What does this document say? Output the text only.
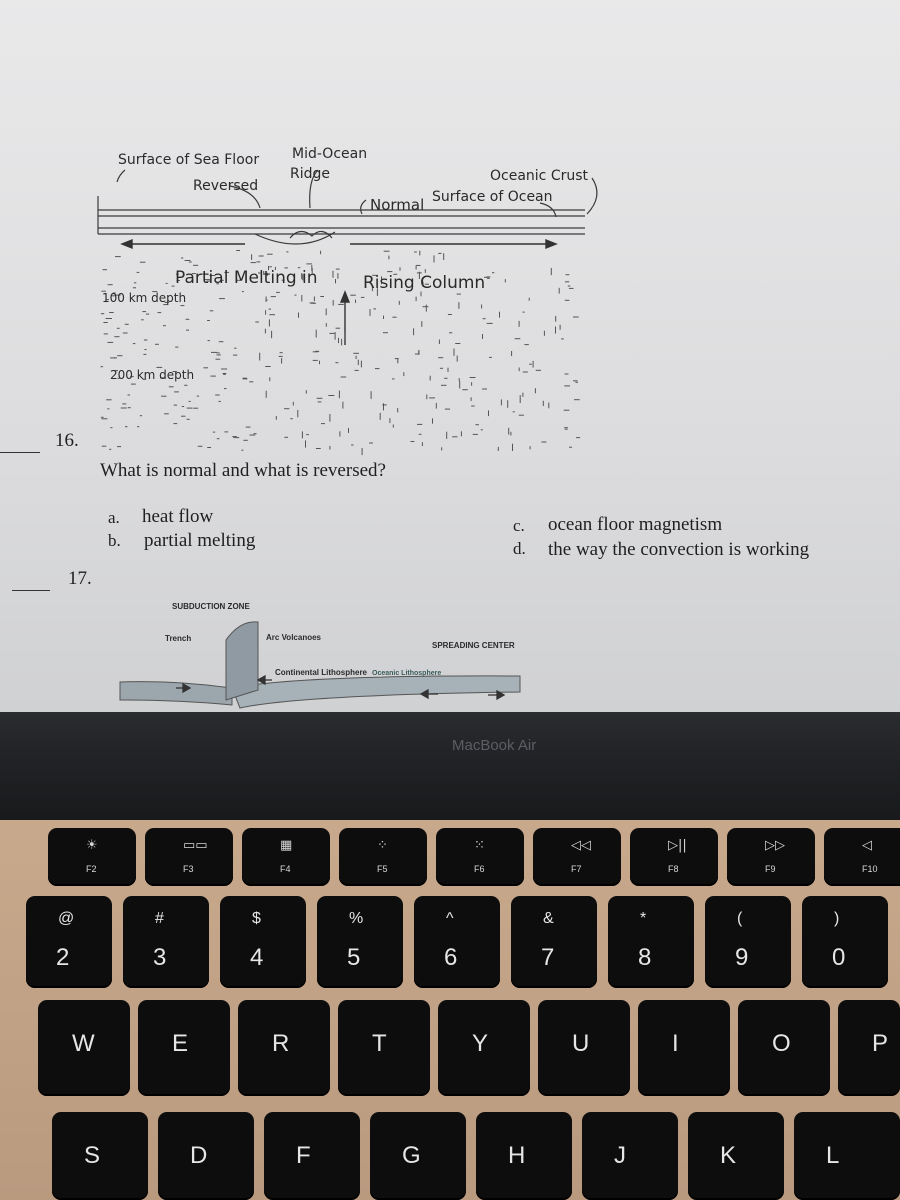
Surface of Sea Floor
Reversed
Mid-Ocean
Ridge	Oceanic Crust
Normal Surface of Ocean
Partial Melting in	Rising Column
100 km depth
200 km depth
16.
What is normal and what is reversed?
a. heat flow
b. partial melting
c. ocean floor magnetism
d. the way the convection is working
17.
SUBDUCTION ZONE
Trench	Arc Volcanoes
SPREADING CENTER
Continental Lithosphere Oceanic Lithosphere
MacBook Air
☀
F2
▭▭
F3
▦
F4
⁘
F5
⁙
F6
◁◁
F7
▷||
F8
▷▷
F9
◁
F10
@
2
#
3
$
4
%
5
^
6
&
7
*
8
(
9
)
0
W	E	R	T	Y	U	I	O	P
S	D	F	G	H	J	K	L
